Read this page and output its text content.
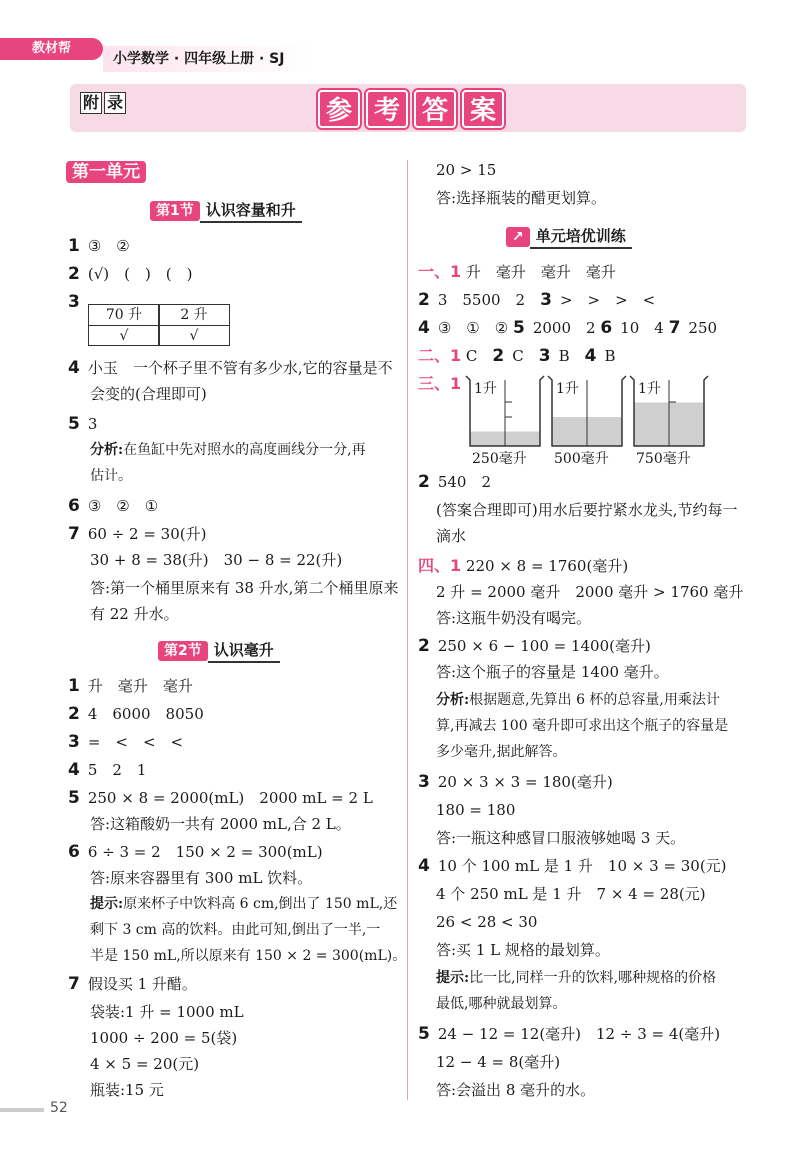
教材帮
小学数学 · 四年级上册 · SJ
附 录	参 考 答 案
第一单元
第1节 认识容量和升
1 ③　②
2 (√)　(　)　(　)
3
70 升
√
2 升
√
4 小玉　一个杯子里不管有多少水,它的容量是不
会变的(合理即可)
5 3
分析:在鱼缸中先对照水的高度画线分一分,再
估计。
6 ③　②　①
7 60 ÷ 2 = 30(升)
30 + 8 = 38(升)　30 − 8 = 22(升)
答:第一个桶里原来有 38 升水,第二个桶里原来
有 22 升水。
第2节 认识毫升
1 升　毫升　毫升
2 4　6000　8050
3 =　<　<　<
4 5　2　1
5 250 × 8 = 2000(mL)　2000 mL = 2 L
答:这箱酸奶一共有 2000 mL,合 2 L。
6 6 ÷ 3 = 2　150 × 2 = 300(mL)
答:原来容器里有 300 mL 饮料。
提示:原来杯子中饮料高 6 cm,倒出了 150 mL,还
剩下 3 cm 高的饮料。由此可知,倒出了一半,一
半是 150 mL,所以原来有 150 × 2 = 300(mL)。
7 假设买 1 升醋。
袋装:1 升 = 1000 mL
1000 ÷ 200 = 5(袋)
4 × 5 = 20(元)
瓶装:15 元
20 > 15
答:选择瓶装的醋更划算。
↗ 单元培优训练
一、1 升　毫升　毫升　毫升
2 3　5500　2　 3 >　>　>　<
4 ③　①　② 5 2000　2 6 10　4 7 250
二、1 C　 2 C　 3 B　 4 B
三、1 1升
250毫升
1升
500毫升
1升
750毫升
2 540　2
(答案合理即可)用水后要拧紧水龙头,节约每一
滴水
四、1 220 × 8 = 1760(毫升)
2 升 = 2000 毫升　2000 毫升 > 1760 毫升
答:这瓶牛奶没有喝完。
2 250 × 6 − 100 = 1400(毫升)
答:这个瓶子的容量是 1400 毫升。
分析:根据题意,先算出 6 杯的总容量,用乘法计
算,再减去 100 毫升即可求出这个瓶子的容量是
多少毫升,据此解答。
3 20 × 3 × 3 = 180(毫升)
180 = 180
答:一瓶这种感冒口服液够她喝 3 天。
4 10 个 100 mL 是 1 升　10 × 3 = 30(元)
4 个 250 mL 是 1 升　7 × 4 = 28(元)
26 < 28 < 30
答:买 1 L 规格的最划算。
提示:比一比,同样一升的饮料,哪种规格的价格
最低,哪种就最划算。
5 24 − 12 = 12(毫升)　12 ÷ 3 = 4(毫升)
12 − 4 = 8(毫升)
答:会溢出 8 毫升的水。
52
